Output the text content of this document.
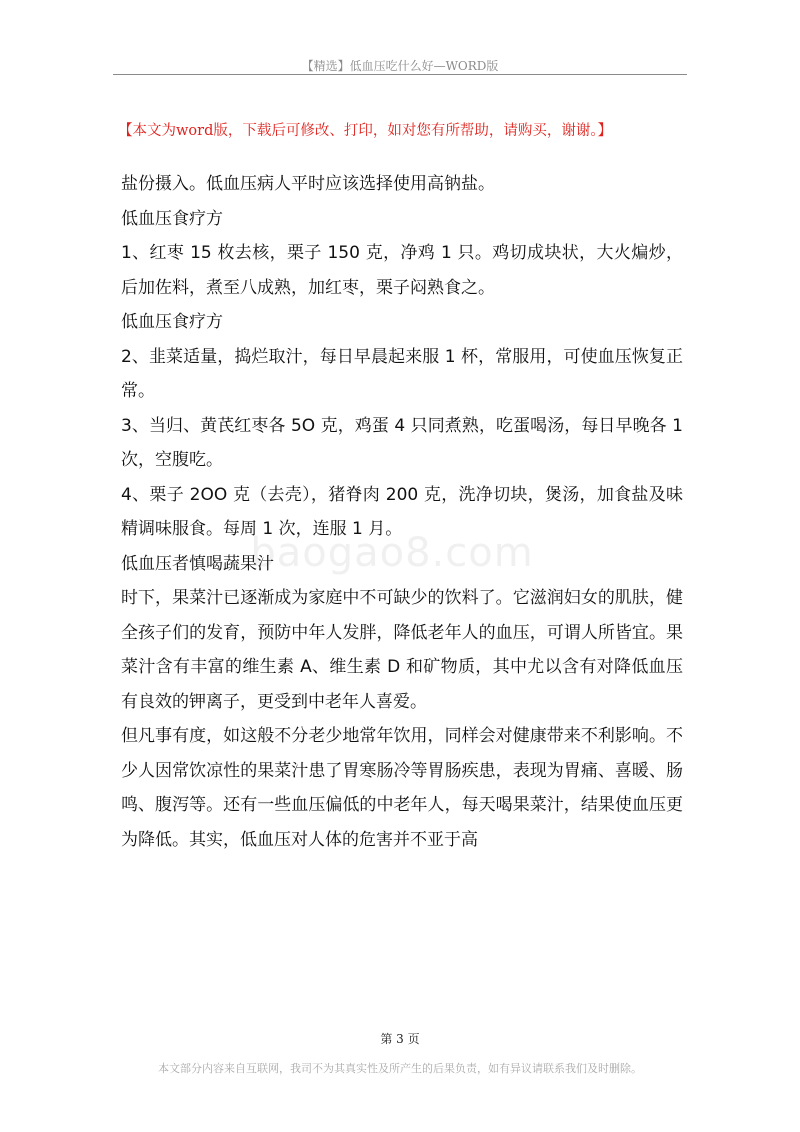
【精选】低血压吃什么好—WORD版
【本文为word版，下载后可修改、打印，如对您有所帮助，请购买，谢谢。】
baogao8.com

盐份摄入。低血压病人平时应该选择使用高钠盐。

低血压食疗方

1、红枣 15 枚去核，栗子 150 克，净鸡 1 只。鸡切成块状，大火煸炒，后加佐料，煮至八成熟，加红枣，栗子闷熟食之。

低血压食疗方

2、韭菜适量，捣烂取汁，每日早晨起来服 1 杯，常服用，可使血压恢复正常。

3、当归、黄芪红枣各 5O 克，鸡蛋 4 只同煮熟，吃蛋喝汤，每日早晚各 1 次，空腹吃。

4、栗子 2OO 克（去壳），猪脊肉 200 克，洗净切块，煲汤，加食盐及味精调味服食。每周 1 次，连服 1 月。

低血压者慎喝蔬果汁

时下，果菜汁已逐渐成为家庭中不可缺少的饮料了。它滋润妇女的肌肤，健全孩子们的发育，预防中年人发胖，降低老年人的血压，可谓人所皆宜。果菜汁含有丰富的维生素 A、维生素 D 和矿物质，其中尤以含有对降低血压有良效的钾离子，更受到中老年人喜爱。

但凡事有度，如这般不分老少地常年饮用，同样会对健康带来不利影响。不少人因常饮凉性的果菜汁患了胃寒肠冷等胃肠疾患，表现为胃痛、喜暖、肠鸣、腹泻等。还有一些血压偏低的中老年人，每天喝果菜汁，结果使血压更为降低。其实，低血压对人体的危害并不亚于高

第 3 页
本文部分内容来自互联网，我司不为其真实性及所产生的后果负责，如有异议请联系我们及时删除。
